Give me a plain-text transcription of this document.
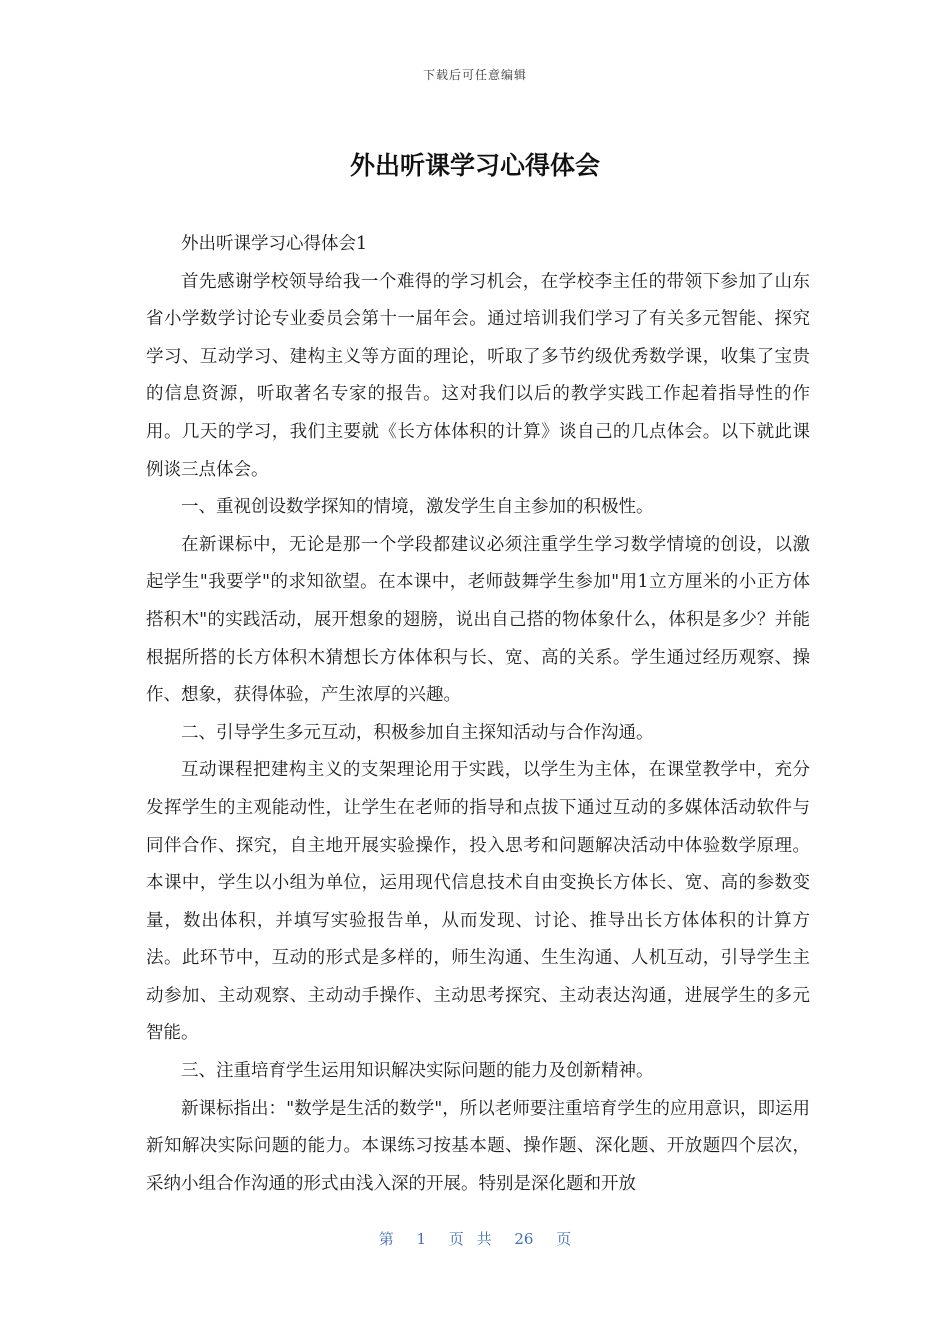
下载后可任意编辑
外出听课学习心得体会

外出听课学习心得体会1

首先感谢学校领导给我一个难得的学习机会，在学校李主任的带领下参加了山东省小学数学讨论专业委员会第十一届年会。通过培训我们学习了有关多元智能、探究学习、互动学习、建构主义等方面的理论，听取了多节约级优秀数学课，收集了宝贵的信息资源，听取著名专家的报告。这对我们以后的教学实践工作起着指导性的作用。几天的学习，我们主要就《长方体体积的计算》谈自己的几点体会。以下就此课例谈三点体会。

一、重视创设数学探知的情境，激发学生自主参加的积极性。

在新课标中，无论是那一个学段都建议必须注重学生学习数学情境的创设，以激起学生"我要学"的求知欲望。在本课中，老师鼓舞学生参加"用1立方厘米的小正方体搭积木"的实践活动，展开想象的翅膀，说出自己搭的物体象什么，体积是多少？并能根据所搭的长方体积木猜想长方体体积与长、宽、高的关系。学生通过经历观察、操作、想象，获得体验，产生浓厚的兴趣。

二、引导学生多元互动，积极参加自主探知活动与合作沟通。

互动课程把建构主义的支架理论用于实践，以学生为主体，在课堂教学中，充分发挥学生的主观能动性，让学生在老师的指导和点拔下通过互动的多媒体活动软件与同伴合作、探究，自主地开展实验操作，投入思考和问题解决活动中体验数学原理。本课中，学生以小组为单位，运用现代信息技术自由变换长方体长、宽、高的参数变量，数出体积，并填写实验报告单，从而发现、讨论、推导出长方体体积的计算方法。此环节中，互动的形式是多样的，师生沟通、生生沟通、人机互动，引导学生主动参加、主动观察、主动动手操作、主动思考探究、主动表达沟通，进展学生的多元智能。

三、注重培育学生运用知识解决实际问题的能力及创新精神。

新课标指出："数学是生活的数学"，所以老师要注重培育学生的应用意识，即运用新知解决实际问题的能力。本课练习按基本题、操作题、深化题、开放题四个层次，采纳小组合作沟通的形式由浅入深的开展。特别是深化题和开放

第 1 页 共 26 页
